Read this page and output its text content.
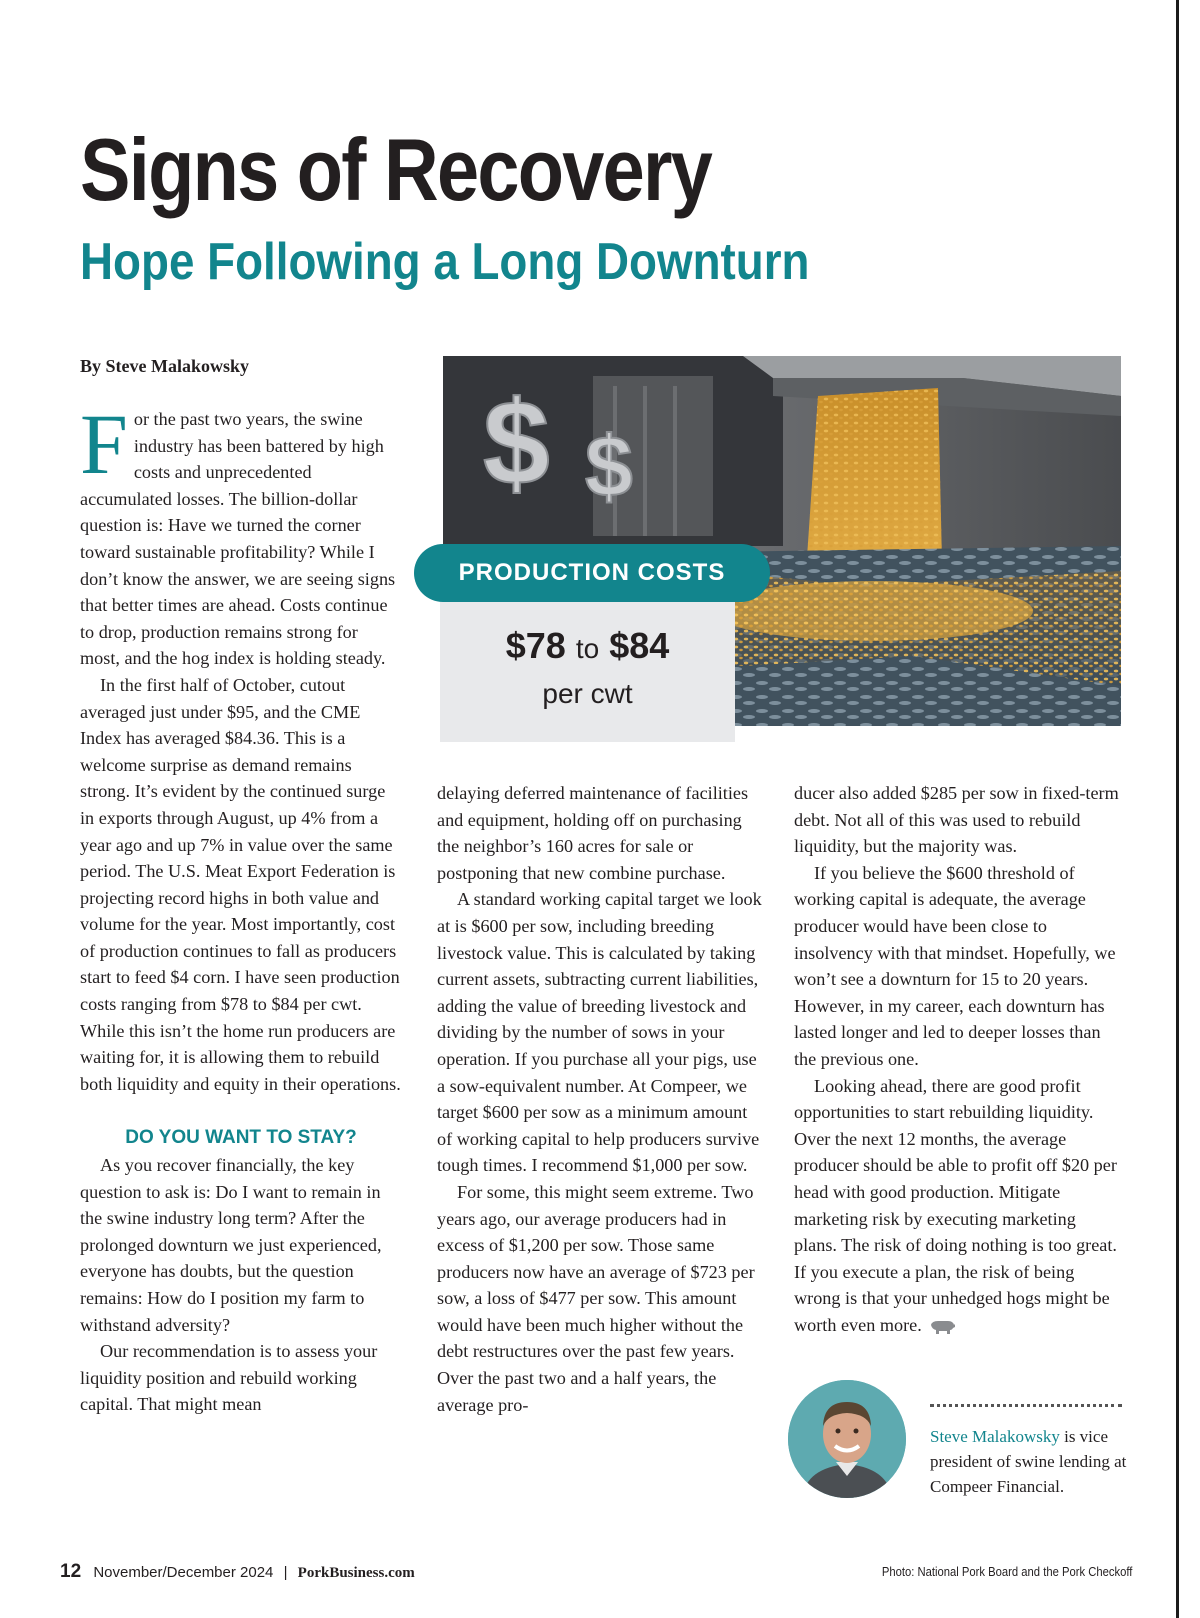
Signs of Recovery
Hope Following a Long Downturn
By Steve Malakowsky
$ $
PRODUCTION COSTS
$78 to $84
per cwt

For the past two years, the swine industry has been battered by high costs and unprecedented accumulated losses. The billion-dollar question is: Have we turned the corner toward sustainable profitability? While I don’t know the answer, we are seeing signs that better times are ahead. Costs continue to drop, production remains strong for most, and the hog index is holding steady.

In the first half of October, cutout averaged just under $95, and the CME Index has averaged $84.36. This is a welcome surprise as demand remains strong. It’s evident by the continued surge in exports through August, up 4% from a year ago and up 7% in value over the same period. The U.S. Meat Export Federation is projecting record highs in both value and volume for the year. Most importantly, cost of production continues to fall as producers start to feed $4 corn. I have seen production costs ranging from $78 to $84 per cwt. While this isn’t the home run producers are waiting for, it is allowing them to rebuild both liquidity and equity in their operations.

DO YOU WANT TO STAY?

As you recover financially, the key question to ask is: Do I want to remain in the swine industry long term? After the prolonged downturn we just experienced, everyone has doubts, but the question remains: How do I position my farm to withstand adversity?

Our recommendation is to assess your liquidity position and rebuild working capital. That might mean

delaying deferred maintenance of facilities and equipment, holding off on purchasing the neighbor’s 160 acres for sale or postponing that new combine purchase.

A standard working capital target we look at is $600 per sow, including breeding livestock value. This is calculated by taking current assets, subtracting current liabilities, adding the value of breeding livestock and dividing by the number of sows in your operation. If you purchase all your pigs, use a sow-equivalent number. At Compeer, we target $600 per sow as a minimum amount of working capital to help producers survive tough times. I recommend $1,000 per sow.

For some, this might seem extreme. Two years ago, our average producers had in excess of $1,200 per sow. Those same producers now have an average of $723 per sow, a loss of $477 per sow. This amount would have been much higher without the debt restructures over the past few years. Over the past two and a half years, the average pro-

ducer also added $285 per sow in fixed-term debt. Not all of this was used to rebuild liquidity, but the majority was.

If you believe the $600 threshold of working capital is adequate, the average producer would have been close to insolvency with that mindset. Hopefully, we won’t see a downturn for 15 to 20 years. However, in my career, each downturn has lasted longer and led to deeper losses than the previous one.

Looking ahead, there are good profit opportunities to start rebuilding liquidity. Over the next 12 months, the average producer should be able to profit off $20 per head with good production. Mitigate marketing risk by executing marketing plans. The risk of doing nothing is too great. If you execute a plan, the risk of being wrong is that your unhedged hogs might be worth even more.

Steve Malakowsky is vice president of swine lending at Compeer Financial.
12 November/December 2024 | PorkBusiness.com	Photo: National Pork Board and the Pork Checkoff
